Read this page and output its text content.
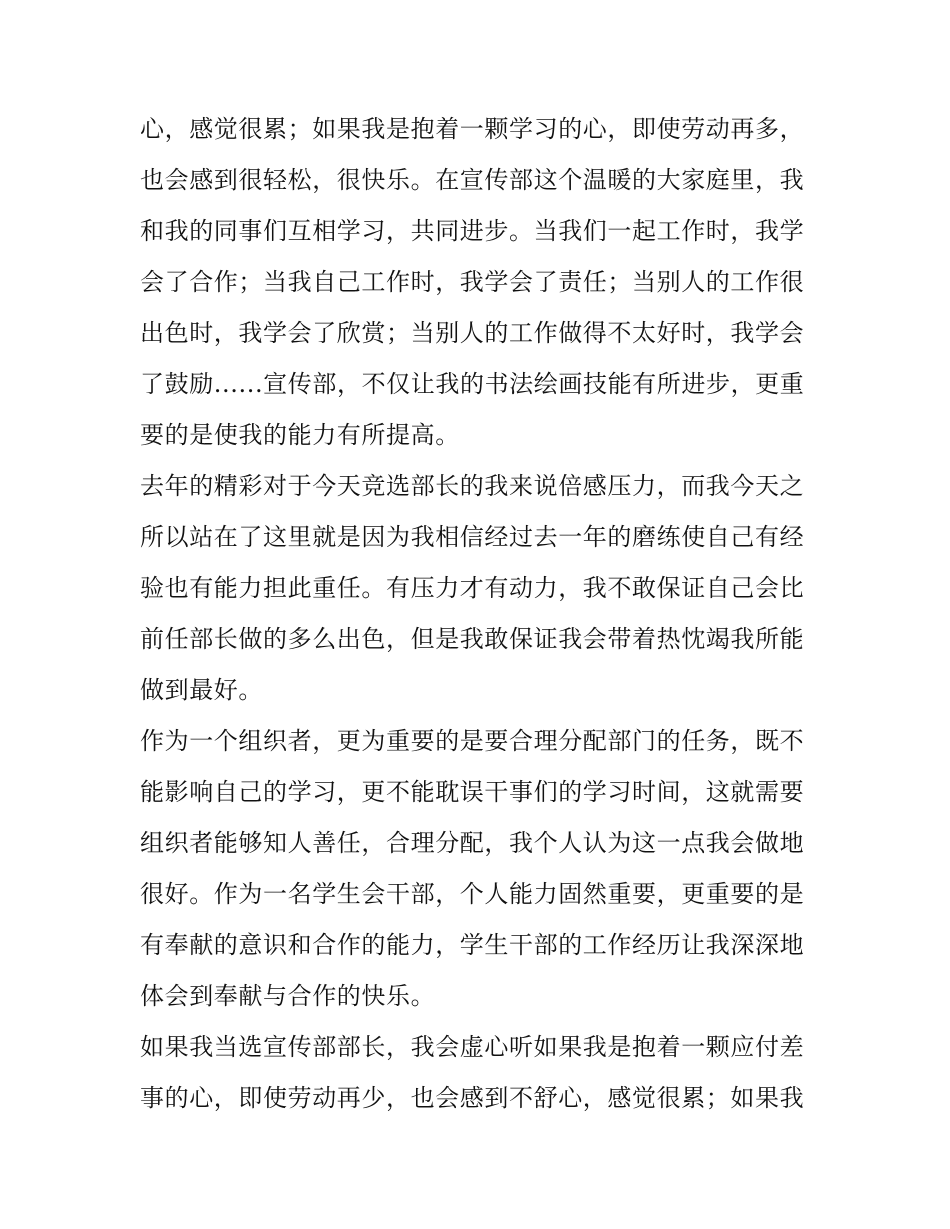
心，感觉很累；如果我是抱着一颗学习的心，即使劳动再多，
也会感到很轻松，很快乐。在宣传部这个温暖的大家庭里，我
和我的同事们互相学习，共同进步。当我们一起工作时，我学
会了合作；当我自己工作时，我学会了责任；当别人的工作很
出色时，我学会了欣赏；当别人的工作做得不太好时，我学会
了鼓励......宣传部，不仅让我的书法绘画技能有所进步，更重
要的是使我的能力有所提高。
去年的精彩对于今天竞选部长的我来说倍感压力，而我今天之
所以站在了这里就是因为我相信经过去一年的磨练使自己有经
验也有能力担此重任。有压力才有动力，我不敢保证自己会比
前任部长做的多么出色，但是我敢保证我会带着热忱竭我所能
做到最好。
作为一个组织者，更为重要的是要合理分配部门的任务，既不
能影响自己的学习，更不能耽误干事们的学习时间，这就需要
组织者能够知人善任，合理分配，我个人认为这一点我会做地
很好。作为一名学生会干部，个人能力固然重要，更重要的是
有奉献的意识和合作的能力，学生干部的工作经历让我深深地
体会到奉献与合作的快乐。
如果我当选宣传部部长，我会虚心听如果我是抱着一颗应付差
事的心，即使劳动再少，也会感到不舒心，感觉很累；如果我
